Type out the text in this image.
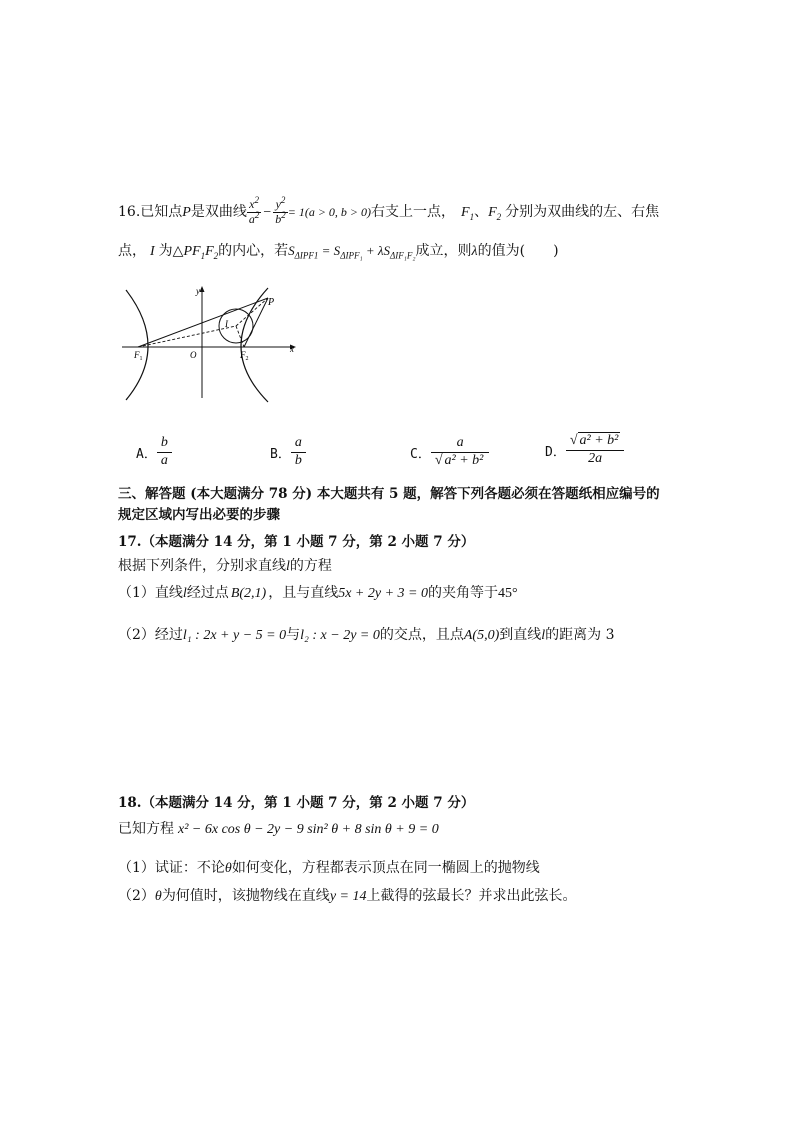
16.已知点P是双曲线 $\frac{x^2}{a^2} - \frac{y^2}{b^2} = 1(a > 0$, b > 0)右支上一点， $F_1$、$F_2$ 分别为双曲线的左、右焦
点， I 为$\triangle PF_1F_2$的内心，若$S_{\Delta IPF1} = S_{\Delta IPF_1} + \lambda S_{\Delta IF_1F_2}$成立，则λ的值为(　　)
y
x
P
I
O
$F_1$	$F_2$
A． $\frac{b}{a}$	B． $\frac{a}{b}$	C． $\frac{a}{\text{√ a² + b²}}$	D． $\frac{\text{√ a² + b²}}{2a}$
三、解答题 (本大题满分 78 分) 本大题共有 5 题，解答下列各题必须在答题纸相应编号的
规定区域内写出必要的步骤
17.（本题满分 14 分，第 1 小题 7 分，第 2 小题 7 分）
根据下列条件，分别求直线l的方程
（1）直线l经过点 B(2,1) ，且与直线5x + 2y + 3 = 0的夹角等于45°
（2）经过l₁ : 2x + y − 5 = 0与l₂ : x − 2y = 0的交点，且点A(5,0)到直线l的距离为 3
18.（本题满分 14 分，第 1 小题 7 分，第 2 小题 7 分）
已知方程 x² − 6x cos θ − 2y − 9 sin² θ + 8 sin θ + 9 = 0
（1）试证：不论θ如何变化，方程都表示顶点在同一椭圆上的抛物线
（2）θ为何值时，该抛物线在直线y = 14上截得的弦最长？并求出此弦长。
